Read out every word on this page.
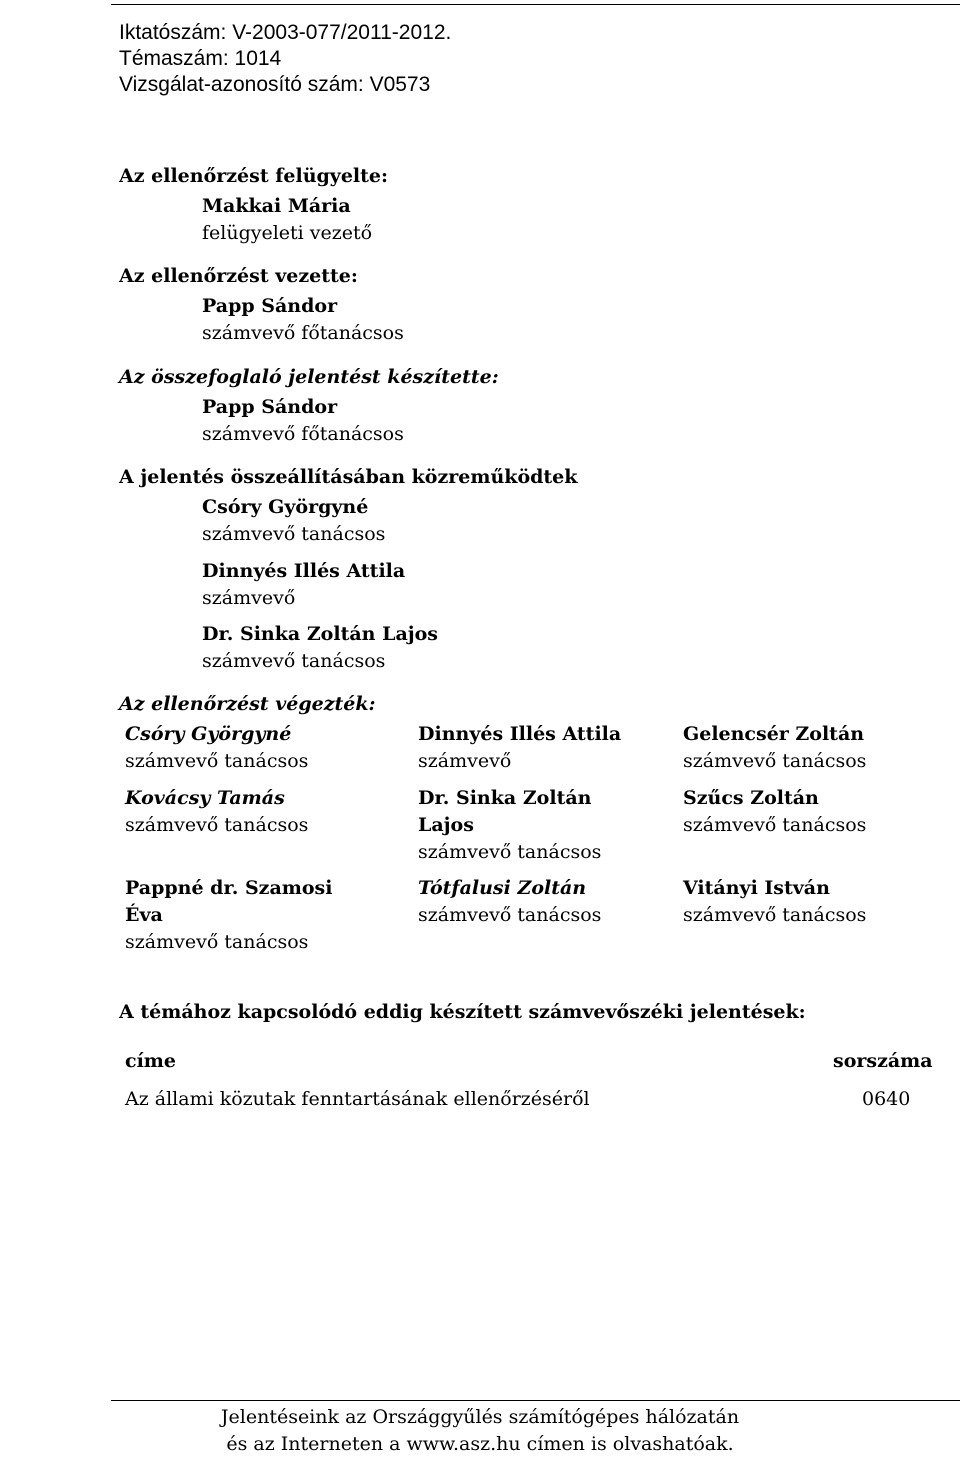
Iktatószám: V-2003-077/2011-2012.
Témaszám: 1014
Vizsgálat-azonosító szám: V0573
Az ellenőrzést felügyelte:
Makkai Mária
felügyeleti vezető
Az ellenőrzést vezette:
Papp Sándor
számvevő főtanácsos
Az összefoglaló jelentést készítette:
Papp Sándor
számvevő főtanácsos
A jelentés összeállításában közreműködtek
Csóry Györgyné
számvevő tanácsos
Dinnyés Illés Attila
számvevő
Dr. Sinka Zoltán Lajos
számvevő tanácsos
Az ellenőrzést végezték:
Csóry Györgyné
számvevő tanácsos
Dinnyés Illés Attila
számvevő
Gelencsér Zoltán
számvevő tanácsos
Kovácsy Tamás
számvevő tanácsos
Dr. Sinka Zoltán Lajos
számvevő tanácsos
Szűcs Zoltán
számvevő tanácsos
Pappné dr. Szamosi Éva
számvevő tanácsos
Tótfalusi Zoltán
számvevő tanácsos
Vitányi István
számvevő tanácsos
A témához kapcsolódó eddig készített számvevőszéki jelentések:
címe	sorszáma
Az állami közutak fenntartásának ellenőrzéséről	0640
Jelentéseink az Országgyűlés számítógépes hálózatán
és az Interneten a www.asz.hu címen is olvashatóak.
